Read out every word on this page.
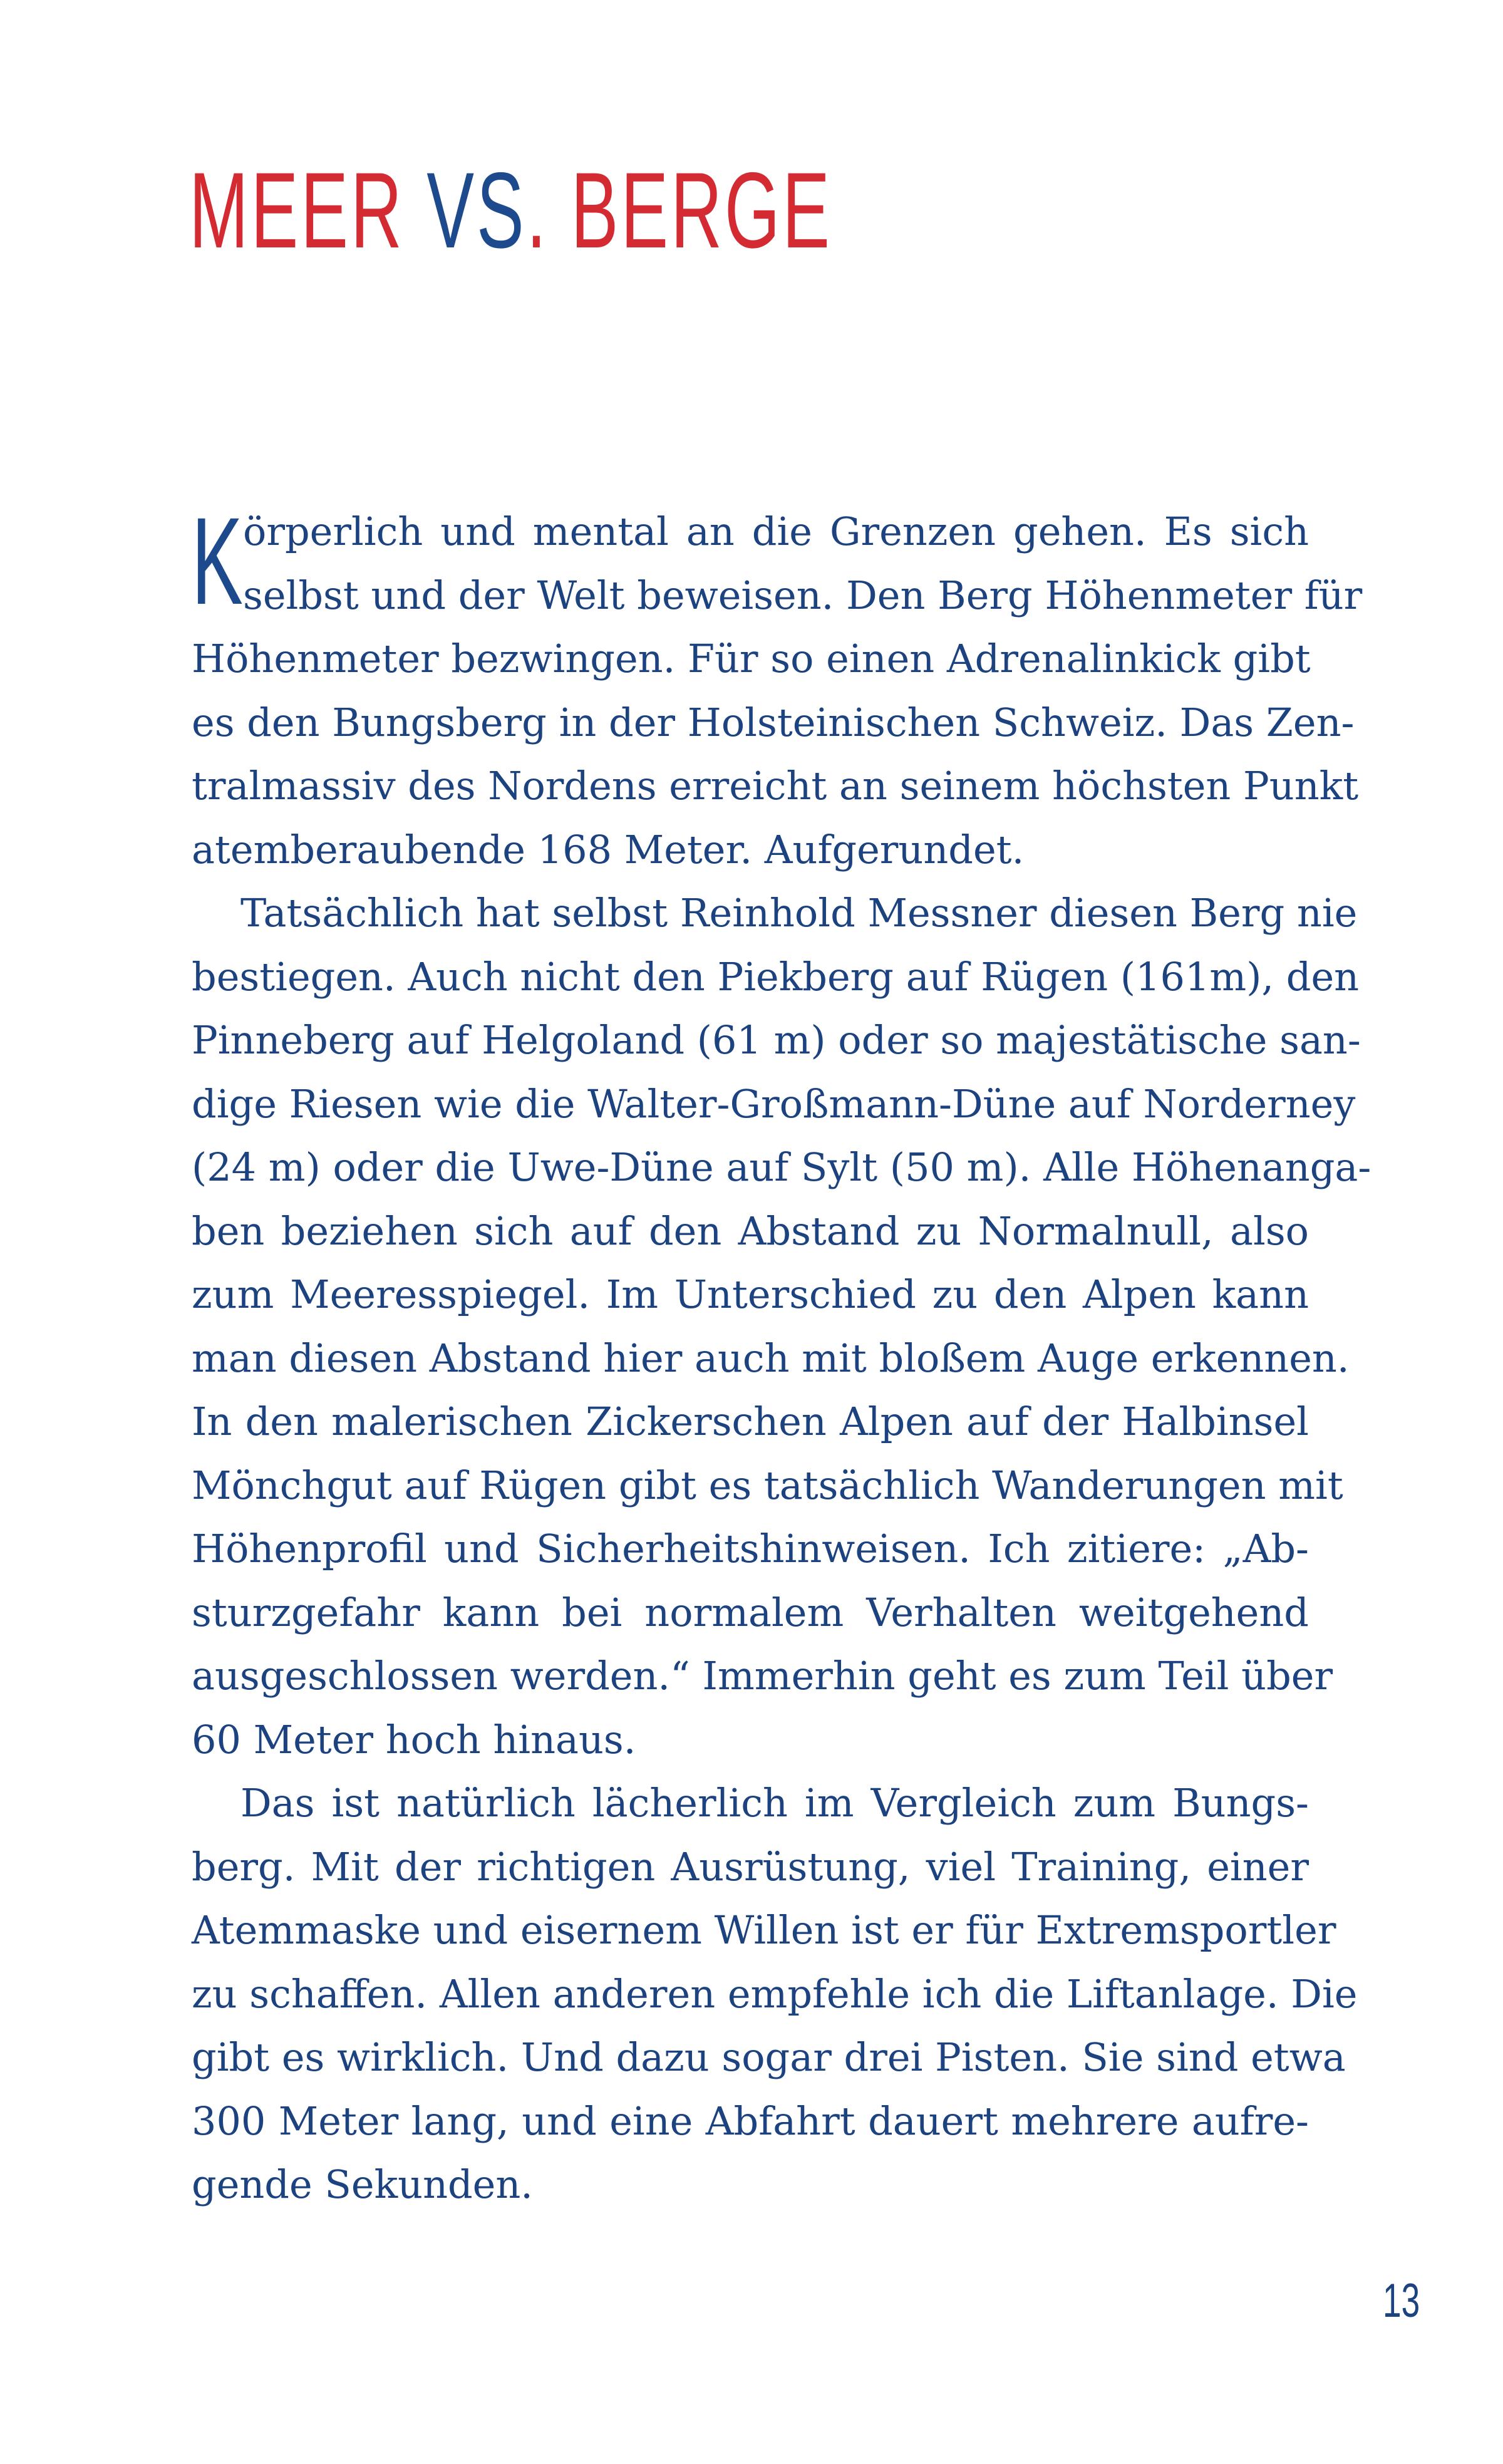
MEER VS. BERGE
K örperlich und mental an die Grenzen gehen. Es sich
selbst und der Welt beweisen. Den Berg Höhenmeter für
Höhenmeter bezwingen. Für so einen Adrenalinkick gibt
es den Bungsberg in der Holsteinischen Schweiz. Das Zen-
tralmassiv des Nordens erreicht an seinem höchsten Punkt
atemberaubende 168 Meter. Aufgerundet.
Tatsächlich hat selbst Reinhold Messner diesen Berg nie
bestiegen. Auch nicht den Piekberg auf Rügen (161m), den
Pinneberg auf Helgoland (61 m) oder so majestätische san-
dige Riesen wie die Walter-Großmann-Düne auf Norderney
(24 m) oder die Uwe-Düne auf Sylt (50 m). Alle Höhenanga-
ben beziehen sich auf den Abstand zu Normalnull, also
zum Meeresspiegel. Im Unterschied zu den Alpen kann
man diesen Abstand hier auch mit bloßem Auge erkennen.
In den malerischen Zickerschen Alpen auf der Halbinsel
Mönchgut auf Rügen gibt es tatsächlich Wanderungen mit
Höhenprofil und Sicherheitshinweisen. Ich zitiere: „Ab-
sturzgefahr kann bei normalem Verhalten weitgehend
ausgeschlossen werden.“ Immerhin geht es zum Teil über
60 Meter hoch hinaus.
Das ist natürlich lächerlich im Vergleich zum Bungs-
berg. Mit der richtigen Ausrüstung, viel Training, einer
Atemmaske und eisernem Willen ist er für Extremsportler
zu schaffen. Allen anderen empfehle ich die Liftanlage. Die
gibt es wirklich. Und dazu sogar drei Pisten. Sie sind etwa
300 Meter lang, und eine Abfahrt dauert mehrere aufre-
gende Sekunden.
13
